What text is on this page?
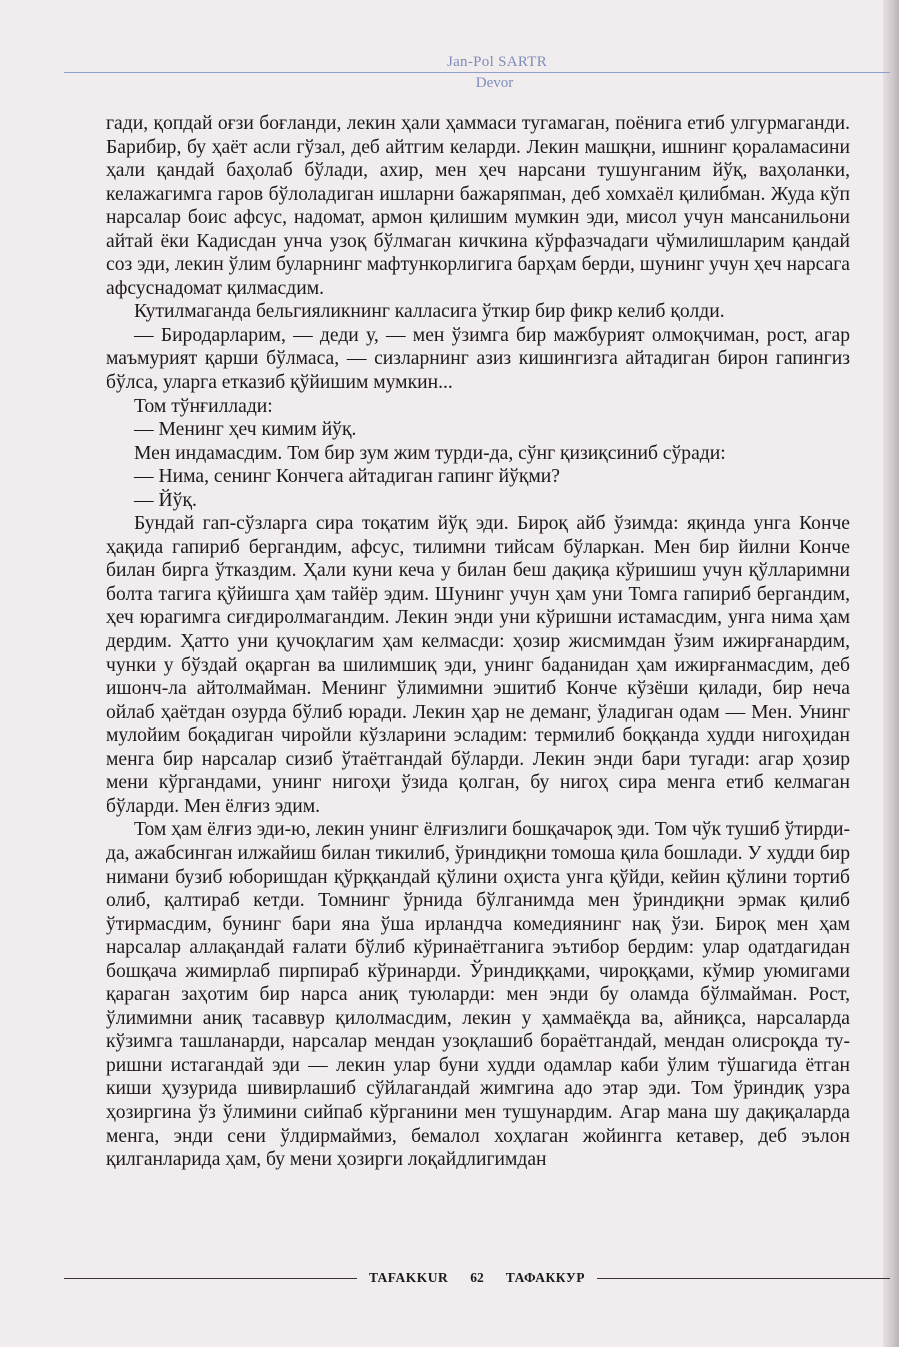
Jan-Pol SARTR
Devor

гади, қопдай оғзи боғланди, лекин ҳали ҳаммаси тугамаган, поёнига етиб улгурмаганди. Барибир, бу ҳаёт асли гўзал, деб айтгим келарди. Лекин машқни, ишнинг қораламасини ҳали қандай баҳолаб бўлади, ахир, мен ҳеч нарсани тушунганим йўқ, ваҳоланки, келажагимга гаров бўлоладиган ишларни бажаряпман, деб хомхаёл қилибман. Жуда кўп нарсалар боис афсус, надомат, армон қилишим мумкин эди, мисол учун мансанильони айтай ёки Кадисдан унча узоқ бўлмаган кичкина кўрфазчадаги чўмилишларим қандай соз эди, лекин ўлим буларнинг мафтункорлигига барҳам берди, шунинг учун ҳеч нарсага афсуснадомат қилмасдим.

Кутилмаганда бельгияликнинг калласига ўткир бир фикр келиб қолди.

— Биродарларим, — деди у, — мен ўзимга бир мажбурият олмоқчиман, рост, агар маъмурият қарши бўлмаса, — сизларнинг азиз кишингизга айтадиган бирон гапингиз бўлса, уларга етказиб қўйишим мумкин...

Том тўнғиллади:

— Менинг ҳеч кимим йўқ.

Мен индамасдим. Том бир зум жим турди-да, сўнг қизиқсиниб сўради:

— Нима, сенинг Кончега айтадиган гапинг йўқми?

— Йўқ.

Бундай гап-сўзларга сира тоқатим йўқ эди. Бироқ айб ўзимда: яқинда унга Конче ҳақида гапириб бергандим, афсус, тилимни тийсам бўларкан. Мен бир йилни Конче билан бирга ўтказдим. Ҳали куни кеча у билан беш дақиқа кўришиш учун қўлларимни болта тагига қўйишга ҳам тайёр эдим. Шунинг учун ҳам уни Томга гапириб бергандим, ҳеч юрагимга сиғдиролмагандим. Лекин энди уни кўришни истамасдим, унга нима ҳам дердим. Ҳатто уни қучоқлагим ҳам келмасди: ҳозир жисмимдан ўзим ижирғанардим, чунки у бўздай оқарган ва шилимшиқ эди, унинг баданидан ҳам ижирғанмасдим, деб ишонч-ла айтолмайман. Менинг ўлимимни эшитиб Конче кўзёши қилади, бир неча ойлаб ҳаётдан озурда бўлиб юради. Лекин ҳар не деманг, ўладиган одам — Мен. Унинг мулойим боқадиган чиройли кўзларини эсладим: термилиб боққанда худди нигоҳидан менга бир нарсалар сизиб ўтаётгандай бўларди. Лекин энди бари тугади: агар ҳозир мени кўргандами, унинг нигоҳи ўзида қолган, бу нигоҳ сира менга етиб келмаган бўларди. Мен ёлғиз эдим.

Том ҳам ёлғиз эди-ю, лекин унинг ёлғизлиги бошқачароқ эди. Том чўк тушиб ўтирди-да, ажабсинган илжайиш билан тикилиб, ўриндиқни томоша қила бошлади. У худди бир нимани бузиб юборишдан қўрққандай қўлини оҳиста унга қўйди, кейин қўлини тортиб олиб, қалтираб кетди. Томнинг ўрнида бўлганимда мен ўриндиқни эрмак қилиб ўтирмасдим, бунинг бари яна ўша ирландча комедиянинг нақ ўзи. Бироқ мен ҳам нарсалар аллақандай ғалати бўлиб кўринаётганига эътибор бердим: улар одатдагидан бошқача жимирлаб пирпираб кўринарди. Ўриндиққами, чироққами, кўмир уюмигами қараган заҳотим бир нарса аниқ туюларди: мен энди бу оламда бўлмайман. Рост, ўлимимни аниқ тасаввур қилолмасдим, лекин у ҳаммаёқда ва, айниқса, нарсаларда кўзимга ташланарди, нарсалар мендан узоқлашиб бораётгандай, мендан олисроқда туришни истагандай эди — лекин улар буни худди одамлар каби ўлим тўшагида ётган киши ҳузурида шивирлашиб сўйлагандай жимгина адо этар эди. Том ўриндиқ узра ҳозиргина ўз ўлимини сийпаб кўрганини мен тушунардим. Агар мана шу дақиқаларда менга, энди сени ўлдирмаймиз, бемалол хоҳлаган жойингга кетавер, деб эълон қилганларида ҳам, бу мени ҳозирги лоқайдлигимдан

TAFAKKUR	62	ТАФАККУР
